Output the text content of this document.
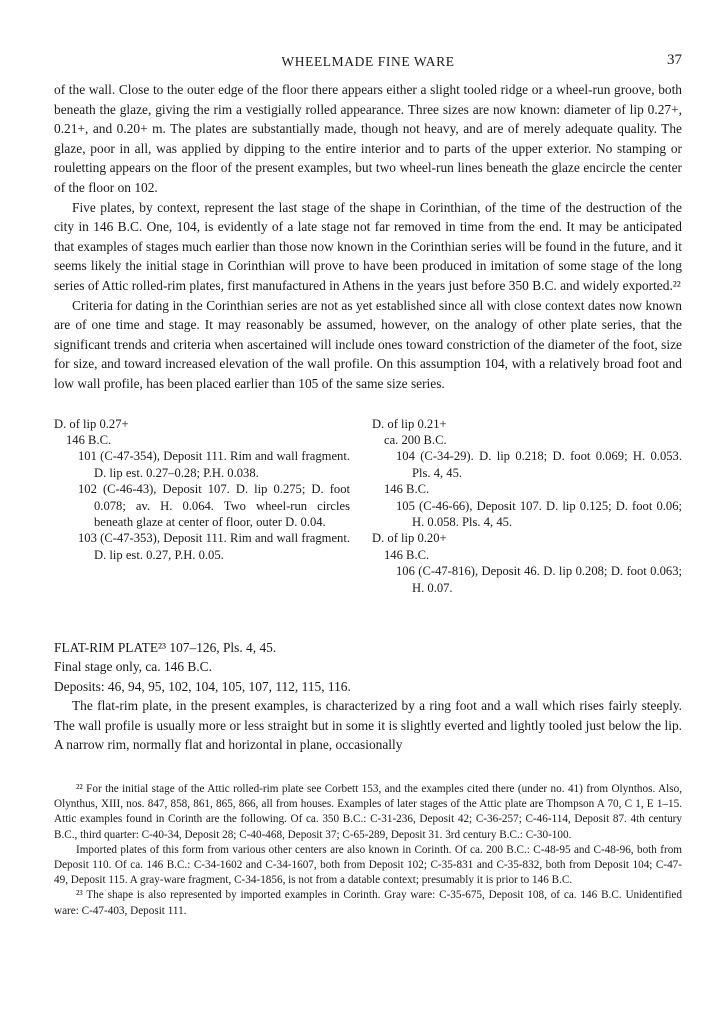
WHEELMADE FINE WARE	37

of the wall. Close to the outer edge of the floor there appears either a slight tooled ridge or a wheel-run groove, both beneath the glaze, giving the rim a vestigially rolled appearance. Three sizes are now known: diameter of lip 0.27+, 0.21+, and 0.20+ m. The plates are substantially made, though not heavy, and are of merely adequate quality. The glaze, poor in all, was applied by dipping to the entire interior and to parts of the upper exterior. No stamping or rouletting appears on the floor of the present examples, but two wheel-run lines beneath the glaze encircle the center of the floor on 102.

Five plates, by context, represent the last stage of the shape in Corinthian, of the time of the destruction of the city in 146 B.C. One, 104, is evidently of a late stage not far removed in time from the end. It may be anticipated that examples of stages much earlier than those now known in the Corinthian series will be found in the future, and it seems likely the initial stage in Corinthian will prove to have been produced in imitation of some stage of the long series of Attic rolled-rim plates, first manufactured in Athens in the years just before 350 B.C. and widely exported.²²

Criteria for dating in the Corinthian series are not as yet established since all with close context dates now known are of one time and stage. It may reasonably be assumed, however, on the analogy of other plate series, that the significant trends and criteria when ascertained will include ones toward constriction of the diameter of the foot, size for size, and toward increased elevation of the wall profile. On this assumption 104, with a relatively broad foot and low wall profile, has been placed earlier than 105 of the same size series.

D. of lip 0.27+
146 B.C.
101 (C-47-354), Deposit 111. Rim and wall fragment. D. lip est. 0.27–0.28; P.H. 0.038.
102 (C-46-43), Deposit 107. D. lip 0.275; D. foot 0.078; av. H. 0.064. Two wheel-run circles beneath glaze at center of floor, outer D. 0.04.
103 (C-47-353), Deposit 111. Rim and wall fragment. D. lip est. 0.27, P.H. 0.05.
D. of lip 0.21+
ca. 200 B.C.
104 (C-34-29). D. lip 0.218; D. foot 0.069; H. 0.053. Pls. 4, 45.
146 B.C.
105 (C-46-66), Deposit 107. D. lip 0.125; D. foot 0.06; H. 0.058. Pls. 4, 45.
D. of lip 0.20+
146 B.C.
106 (C-47-816), Deposit 46. D. lip 0.208; D. foot 0.063; H. 0.07.

FLAT-RIM PLATE²³ 107–126, Pls. 4, 45.

Final stage only, ca. 146 B.C.

Deposits: 46, 94, 95, 102, 104, 105, 107, 112, 115, 116.

The flat-rim plate, in the present examples, is characterized by a ring foot and a wall which rises fairly steeply. The wall profile is usually more or less straight but in some it is slightly everted and lightly tooled just below the lip. A narrow rim, normally flat and horizontal in plane, occasionally

²² For the initial stage of the Attic rolled-rim plate see Corbett 153, and the examples cited there (under no. 41) from Olynthos. Also, Olynthus, XIII, nos. 847, 858, 861, 865, 866, all from houses. Examples of later stages of the Attic plate are Thompson A 70, C 1, E 1–15. Attic examples found in Corinth are the following. Of ca. 350 B.C.: C-31-236, Deposit 42; C-36-257; C-46-114, Deposit 87. 4th century B.C., third quarter: C-40-34, Deposit 28; C-40-468, Deposit 37; C-65-289, Deposit 31. 3rd century B.C.: C-30-100.

Imported plates of this form from various other centers are also known in Corinth. Of ca. 200 B.C.: C-48-95 and C-48-96, both from Deposit 110. Of ca. 146 B.C.: C-34-1602 and C-34-1607, both from Deposit 102; C-35-831 and C-35-832, both from Deposit 104; C-47-49, Deposit 115. A gray-ware fragment, C-34-1856, is not from a datable context; presumably it is prior to 146 B.C.

²³ The shape is also represented by imported examples in Corinth. Gray ware: C-35-675, Deposit 108, of ca. 146 B.C. Unidentified ware: C-47-403, Deposit 111.
